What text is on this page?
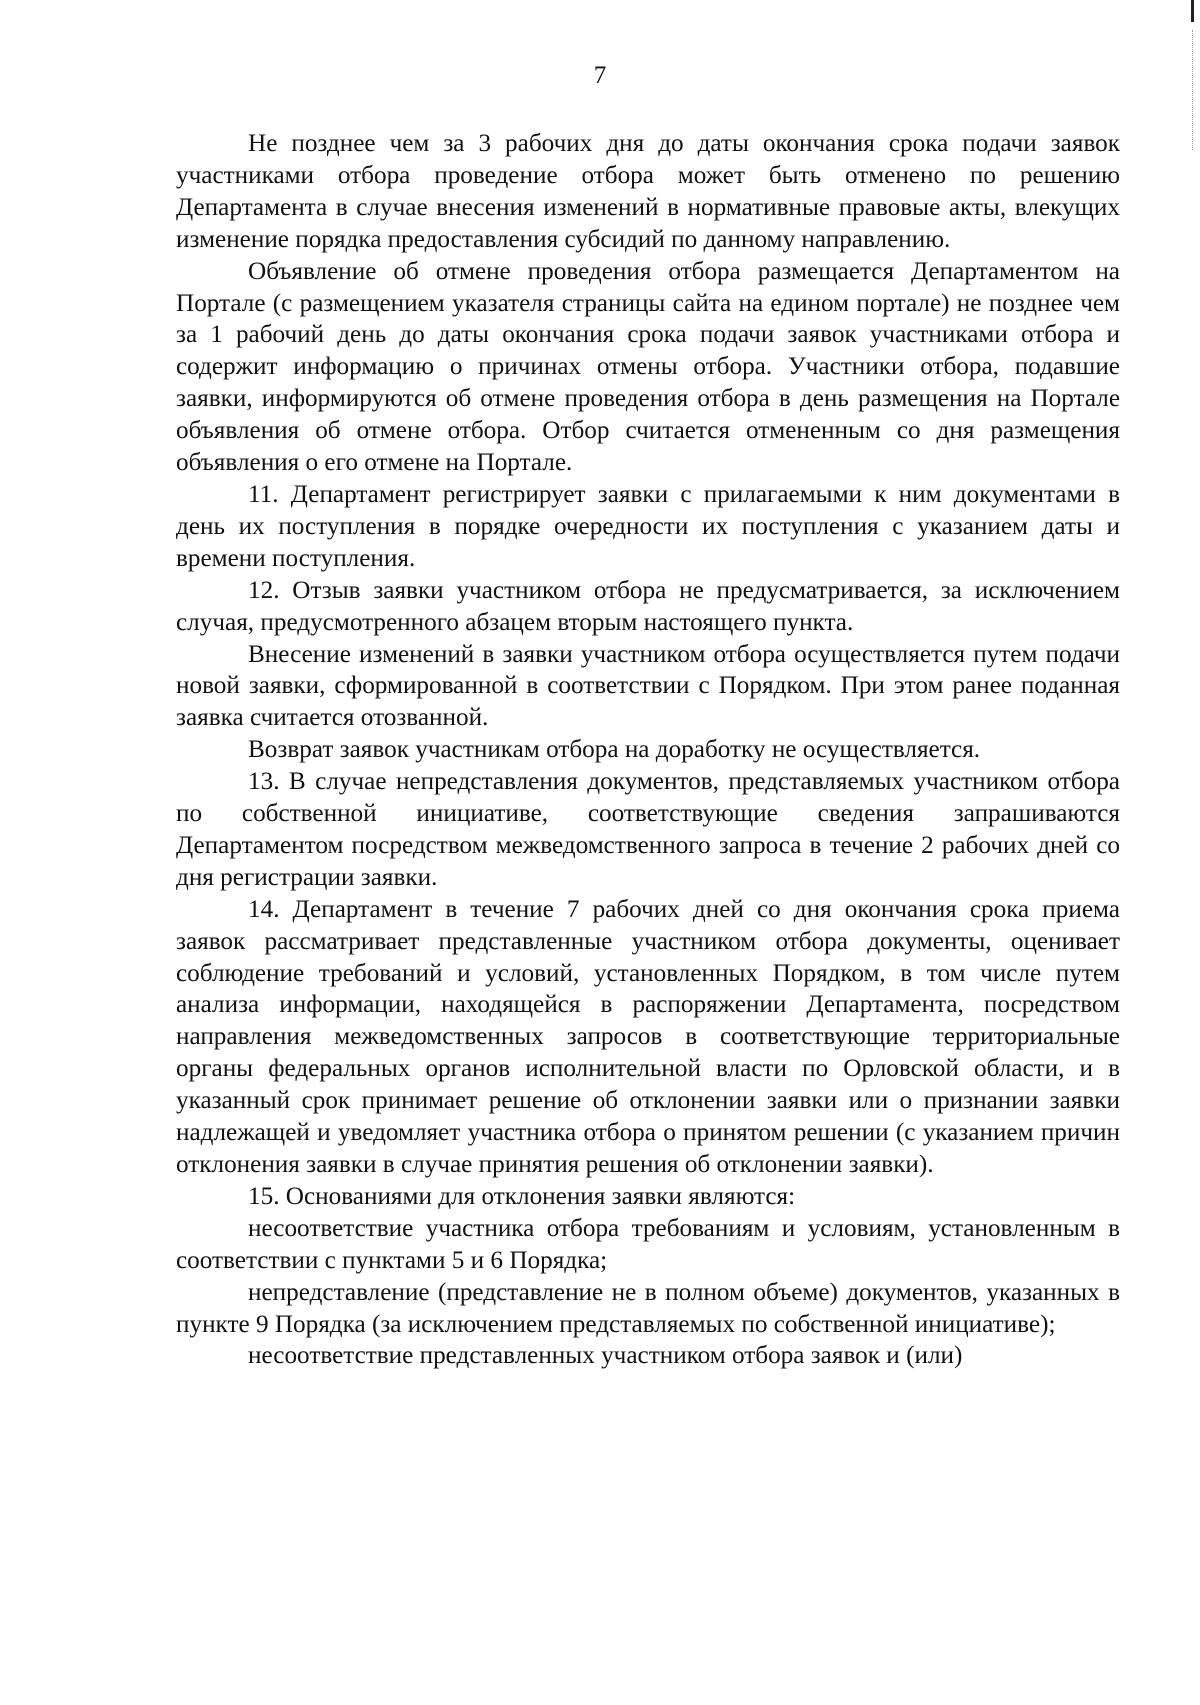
7

Не позднее чем за 3 рабочих дня до даты окончания срока подачи заявок участниками отбора проведение отбора может быть отменено по решению Департамента в случае внесения изменений в нормативные правовые акты, влекущих изменение порядка предоставления субсидий по данному направлению.

Объявление об отмене проведения отбора размещается Департаментом на Портале (с размещением указателя страницы сайта на едином портале) не позднее чем за 1 рабочий день до даты окончания срока подачи заявок участниками отбора и содержит информацию о причинах отмены отбора. Участники отбора, подавшие заявки, информируются об отмене проведения отбора в день размещения на Портале объявления об отмене отбора. Отбор считается отмененным со дня размещения объявления о его отмене на Портале.

11. Департамент регистрирует заявки с прилагаемыми к ним документами в день их поступления в порядке очередности их поступления с указанием даты и времени поступления.

12. Отзыв заявки участником отбора не предусматривается, за исключением случая, предусмотренного абзацем вторым настоящего пункта.

Внесение изменений в заявки участником отбора осуществляется путем подачи новой заявки, сформированной в соответствии с Порядком. При этом ранее поданная заявка считается отозванной.

Возврат заявок участникам отбора на доработку не осуществляется.

13. В случае непредставления документов, представляемых участником отбора по собственной инициативе, соответствующие сведения запрашиваются Департаментом посредством межведомственного запроса в течение 2 рабочих дней со дня регистрации заявки.

14. Департамент в течение 7 рабочих дней со дня окончания срока приема заявок рассматривает представленные участником отбора документы, оценивает соблюдение требований и условий, установленных Порядком, в том числе путем анализа информации, находящейся в распоряжении Департамента, посредством направления межведомственных запросов в соответствующие территориальные органы федеральных органов исполнительной власти по Орловской области, и в указанный срок принимает решение об отклонении заявки или о признании заявки надлежащей и уведомляет участника отбора о принятом решении (с указанием причин отклонения заявки в случае принятия решения об отклонении заявки).

15. Основаниями для отклонения заявки являются:

несоответствие участника отбора требованиям и условиям, установленным в соответствии с пунктами 5 и 6 Порядка;

непредставление (представление не в полном объеме) документов, указанных в пункте 9 Порядка (за исключением представляемых по собственной инициативе);

несоответствие представленных участником отбора заявок и (или)
